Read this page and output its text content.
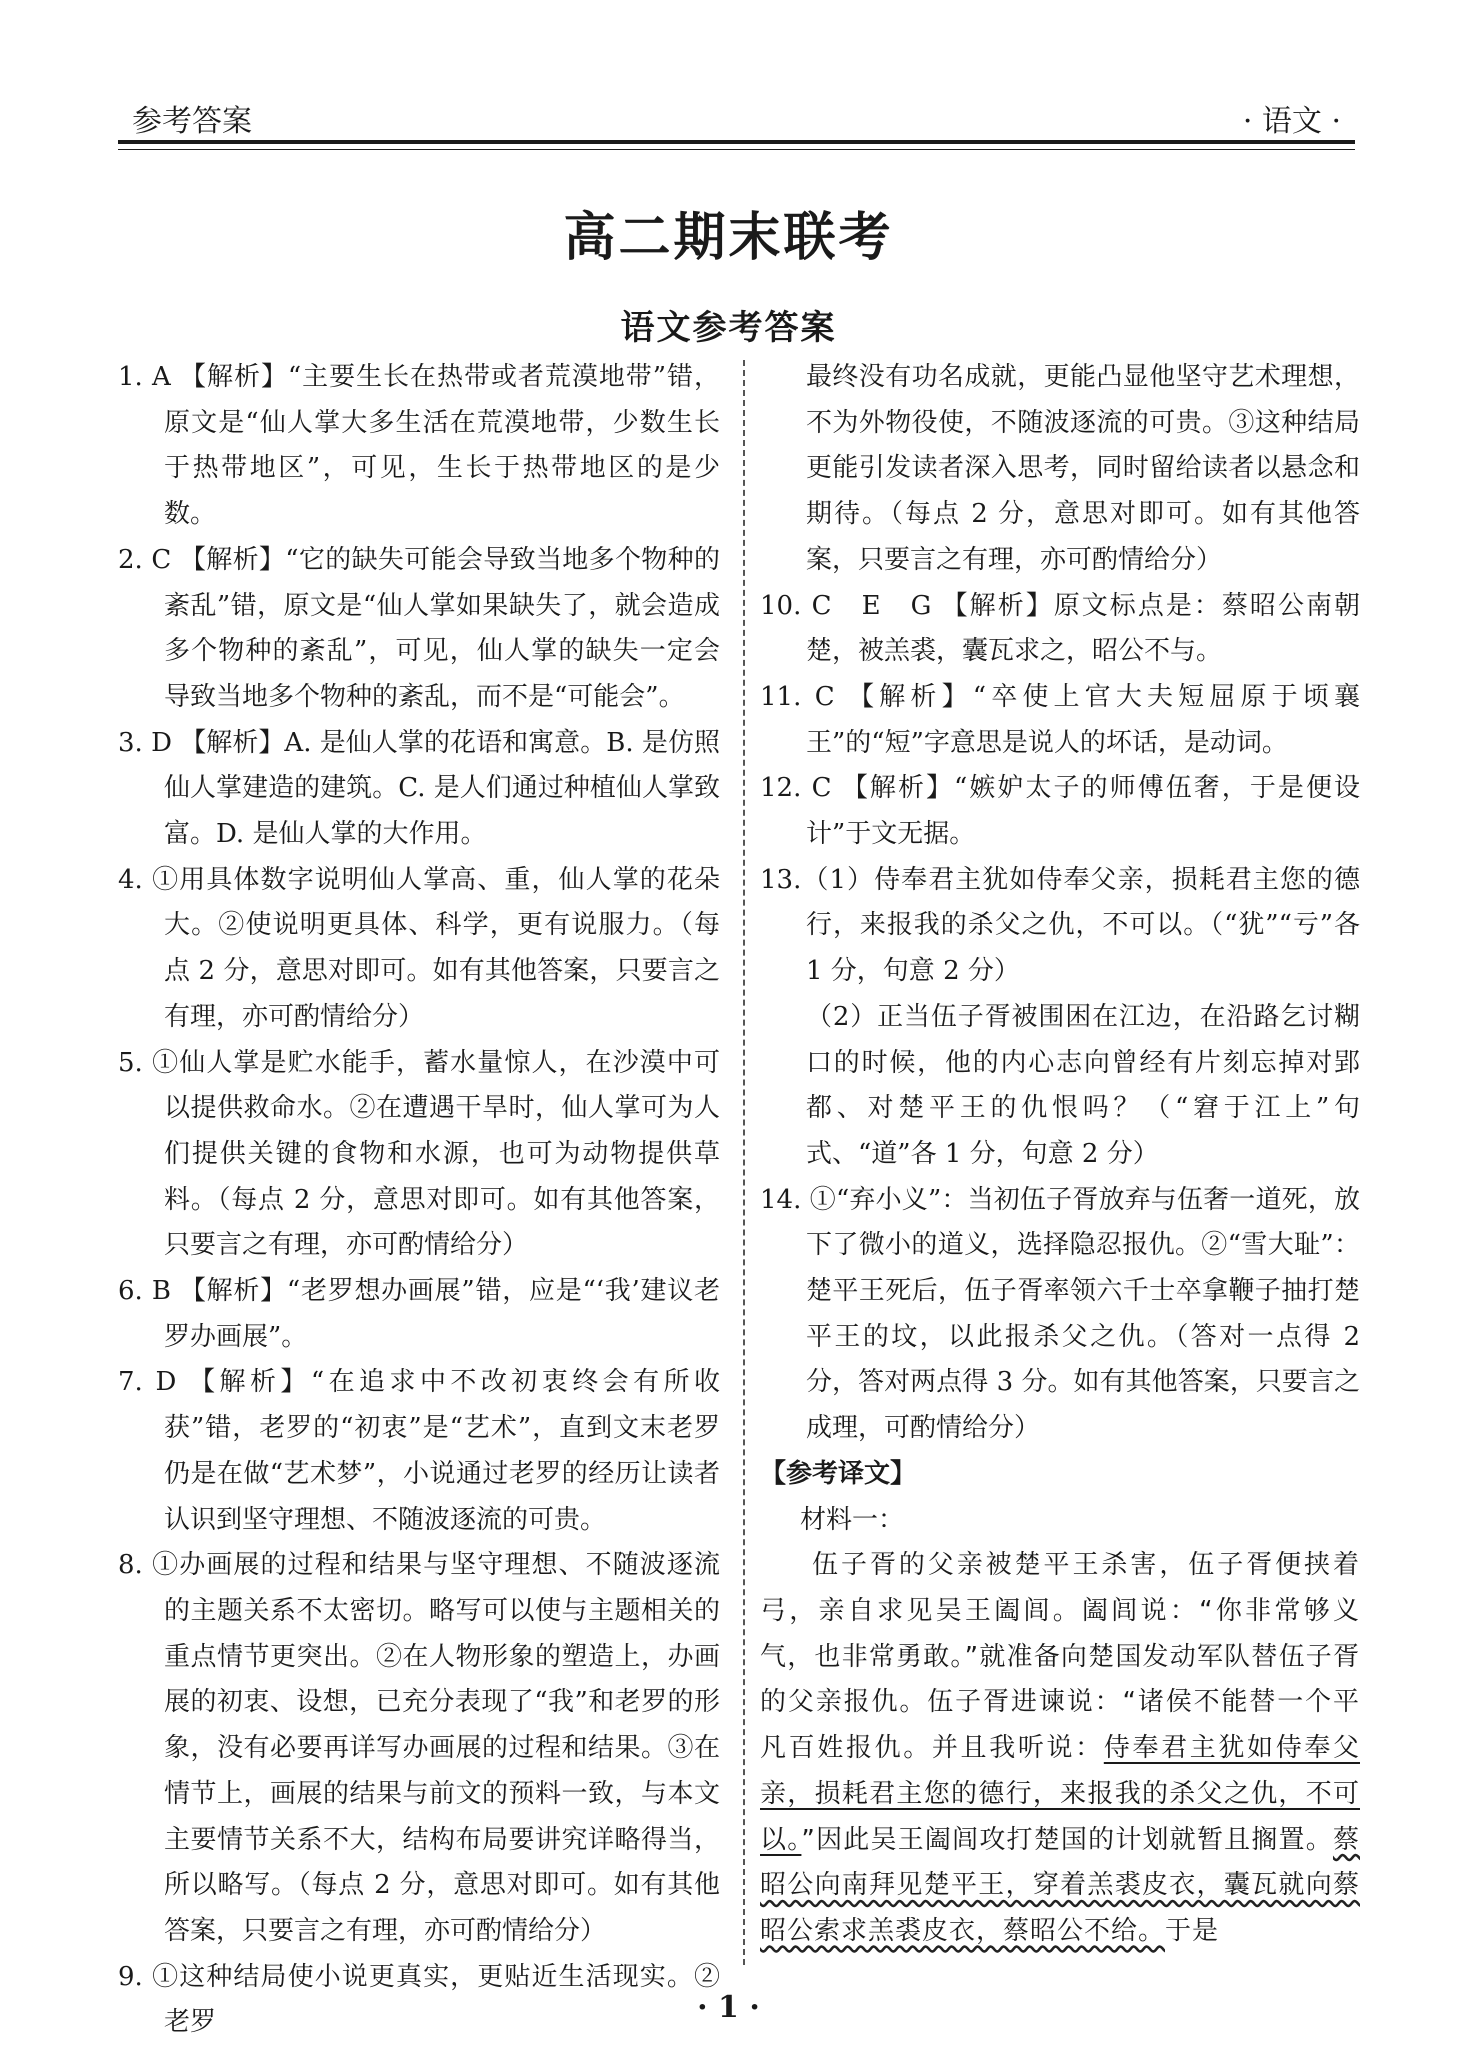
参考答案	· 语文 ·
高二期末联考
语文参考答案
1. A 【解析】“主要生长在热带或者荒漠地带”错，原文是“仙人掌大多生活在荒漠地带，少数生长于热带地区”，可见，生长于热带地区的是少数。
2. C 【解析】“它的缺失可能会导致当地多个物种的紊乱”错，原文是“仙人掌如果缺失了，就会造成多个物种的紊乱”，可见，仙人掌的缺失一定会导致当地多个物种的紊乱，而不是“可能会”。
3. D 【解析】A. 是仙人掌的花语和寓意。B. 是仿照仙人掌建造的建筑。C. 是人们通过种植仙人掌致富。D. 是仙人掌的大作用。
4. ①用具体数字说明仙人掌高、重，仙人掌的花朵大。②使说明更具体、科学，更有说服力。（每点 2 分，意思对即可。如有其他答案，只要言之有理，亦可酌情给分）
5. ①仙人掌是贮水能手，蓄水量惊人，在沙漠中可以提供救命水。②在遭遇干旱时，仙人掌可为人们提供关键的食物和水源，也可为动物提供草料。（每点 2 分，意思对即可。如有其他答案，只要言之有理，亦可酌情给分）
6. B 【解析】“老罗想办画展”错，应是“‘我’建议老罗办画展”。
7. D 【解析】“在追求中不改初衷终会有所收获”错，老罗的“初衷”是“艺术”，直到文末老罗仍是在做“艺术梦”，小说通过老罗的经历让读者认识到坚守理想、不随波逐流的可贵。
8. ①办画展的过程和结果与坚守理想、不随波逐流的主题关系不太密切。略写可以使与主题相关的重点情节更突出。②在人物形象的塑造上，办画展的初衷、设想，已充分表现了“我”和老罗的形象，没有必要再详写办画展的过程和结果。③在情节上，画展的结果与前文的预料一致，与本文主要情节关系不大，结构布局要讲究详略得当，所以略写。（每点 2 分，意思对即可。如有其他答案，只要言之有理，亦可酌情给分）
9. ①这种结局使小说更真实，更贴近生活现实。②老罗
最终没有功名成就，更能凸显他坚守艺术理想，不为外物役使，不随波逐流的可贵。③这种结局更能引发读者深入思考，同时留给读者以悬念和期待。（每点 2 分，意思对即可。如有其他答案，只要言之有理，亦可酌情给分）
10. C　E　G 【解析】原文标点是：蔡昭公南朝楚，被羔裘，囊瓦求之，昭公不与。
11. C 【解析】“卒使上官大夫短屈原于顷襄王”的“短”字意思是说人的坏话，是动词。
12. C 【解析】“嫉妒太子的师傅伍奢，于是便设计”于文无据。
13.（1）侍奉君主犹如侍奉父亲，损耗君主您的德行，来报我的杀父之仇，不可以。（“犹”“亏”各 1 分，句意 2 分）
（2）正当伍子胥被围困在江边，在沿路乞讨糊口的时候，他的内心志向曾经有片刻忘掉对郢都、对楚平王的仇恨吗？（“窘于江上”句式、“道”各 1 分，句意 2 分）
14. ①“弃小义”：当初伍子胥放弃与伍奢一道死，放下了微小的道义，选择隐忍报仇。②“雪大耻”：楚平王死后，伍子胥率领六千士卒拿鞭子抽打楚平王的坟，以此报杀父之仇。（答对一点得 2 分，答对两点得 3 分。如有其他答案，只要言之成理，可酌情给分）
【参考译文】
材料一：
伍子胥的父亲被楚平王杀害，伍子胥便挟着弓，亲自求见吴王阖闾。阖闾说：“你非常够义气，也非常勇敢。”就准备向楚国发动军队替伍子胥的父亲报仇。伍子胥进谏说：“诸侯不能替一个平凡百姓报仇。并且我听说：侍奉君主犹如侍奉父亲，损耗君主您的德行，来报我的杀父之仇，不可以。”因此吴王阖闾攻打楚国的计划就暂且搁置。蔡昭公向南拜见楚平王，穿着羔裘皮衣，囊瓦就向蔡昭公索求羔裘皮衣，蔡昭公不给。于是
· 1 ·
